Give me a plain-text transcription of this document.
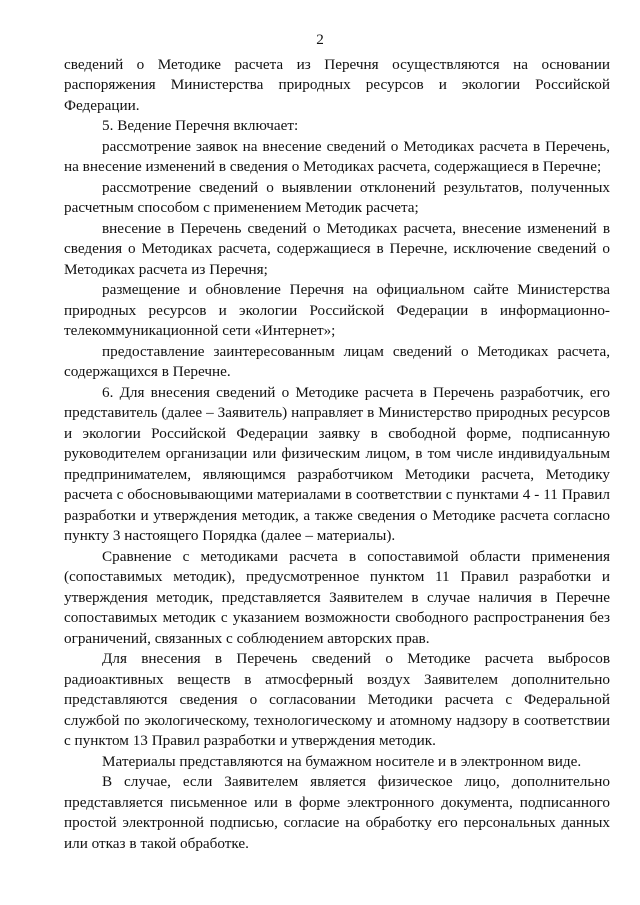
2

сведений о Методике расчета из Перечня осуществляются на основании распоряжения Министерства природных ресурсов и экологии Российской Федерации.

5. Ведение Перечня включает:

рассмотрение заявок на внесение сведений о Методиках расчета в Перечень, на внесение изменений в сведения о Методиках расчета, содержащиеся в Перечне;

рассмотрение сведений о выявлении отклонений результатов, полученных расчетным способом с применением Методик расчета;

внесение в Перечень сведений о Методиках расчета, внесение изменений в сведения о Методиках расчета, содержащиеся в Перечне, исключение сведений о Методиках расчета из Перечня;

размещение и обновление Перечня на официальном сайте Министерства природных ресурсов и экологии Российской Федерации в информационно-телекоммуникационной сети «Интернет»;

предоставление заинтересованным лицам сведений о Методиках расчета, содержащихся в Перечне.

6. Для внесения сведений о Методике расчета в Перечень разработчик, его представитель (далее – Заявитель) направляет в Министерство природных ресурсов и экологии Российской Федерации заявку в свободной форме, подписанную руководителем организации или физическим лицом, в том числе индивидуальным предпринимателем, являющимся разработчиком Методики расчета, Методику расчета с обосновывающими материалами в соответствии с пунктами 4 - 11 Правил разработки и утверждения методик, а также сведения о Методике расчета согласно пункту 3 настоящего Порядка (далее – материалы).

Сравнение с методиками расчета в сопоставимой области применения (сопоставимых методик), предусмотренное пунктом 11 Правил разработки и утверждения методик, представляется Заявителем в случае наличия в Перечне сопоставимых методик с указанием возможности свободного распространения без ограничений, связанных с соблюдением авторских прав.

Для внесения в Перечень сведений о Методике расчета выбросов радиоактивных веществ в атмосферный воздух Заявителем дополнительно представляются сведения о согласовании Методики расчета с Федеральной службой по экологическому, технологическому и атомному надзору в соответствии с пунктом 13 Правил разработки и утверждения методик.

Материалы представляются на бумажном носителе и в электронном виде.

В случае, если Заявителем является физическое лицо, дополнительно представляется письменное или в форме электронного документа, подписанного простой электронной подписью, согласие на обработку его персональных данных или отказ в такой обработке.
